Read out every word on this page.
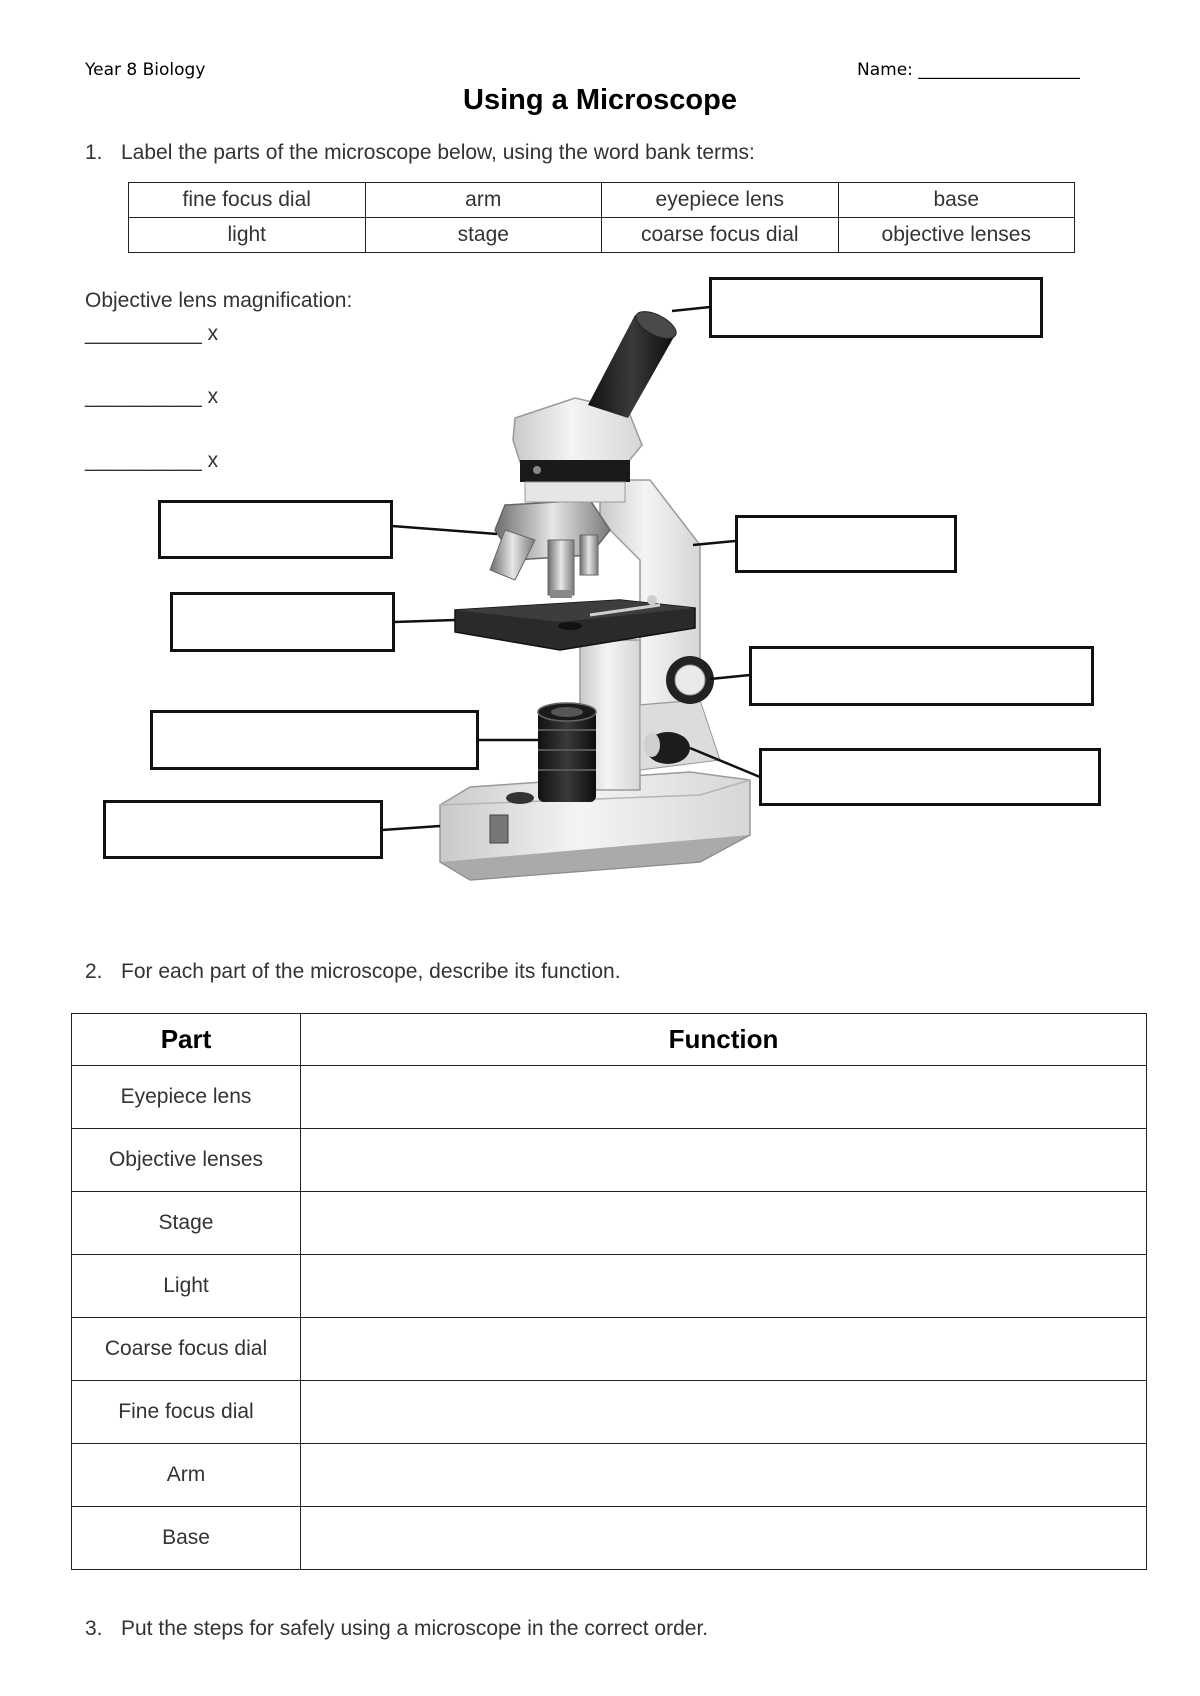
Year 8 Biology	Name: ___________________
Using a Microscope
1. Label the parts of the microscope below, using the word bank terms:
fine focus dial	arm	eyepiece lens	base
light	stage	coarse focus dial	objective lenses
Objective lens magnification:
__________ x
__________ x
__________ x
2. For each part of the microscope, describe its function.
Part	Function
Eyepiece lens	
Objective lenses	
Stage	
Light	
Coarse focus dial	
Fine focus dial	
Arm	
Base	
3. Put the steps for safely using a microscope in the correct order.
